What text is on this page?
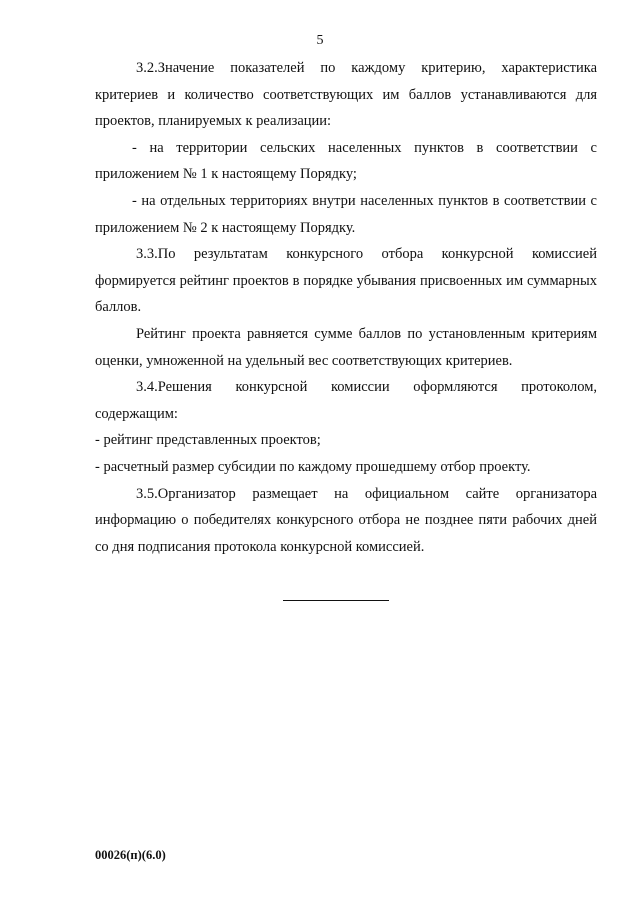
5

3.2.Значение показателей по каждому критерию, характеристика критериев и количество соответствующих им баллов устанавливаются для проектов, планируемых к реализации:

- на территории сельских населенных пунктов в соответствии с приложением № 1 к настоящему Порядку;

- на отдельных территориях внутри населенных пунктов в соответствии с приложением № 2 к настоящему Порядку.

3.3.По результатам конкурсного отбора конкурсной комиссией формируется рейтинг проектов в порядке убывания присвоенных им суммарных баллов.

Рейтинг проекта равняется сумме баллов по установленным критериям оценки, умноженной на удельный вес соответствующих критериев.

3.4.Решения конкурсной комиссии оформляются протоколом, содержащим:

- рейтинг представленных проектов;

- расчетный размер субсидии по каждому прошедшему отбор проекту.

3.5.Организатор размещает на официальном сайте организатора информацию о победителях конкурсного отбора не позднее пяти рабочих дней со дня подписания протокола конкурсной комиссией.

00026(п)(6.0)
